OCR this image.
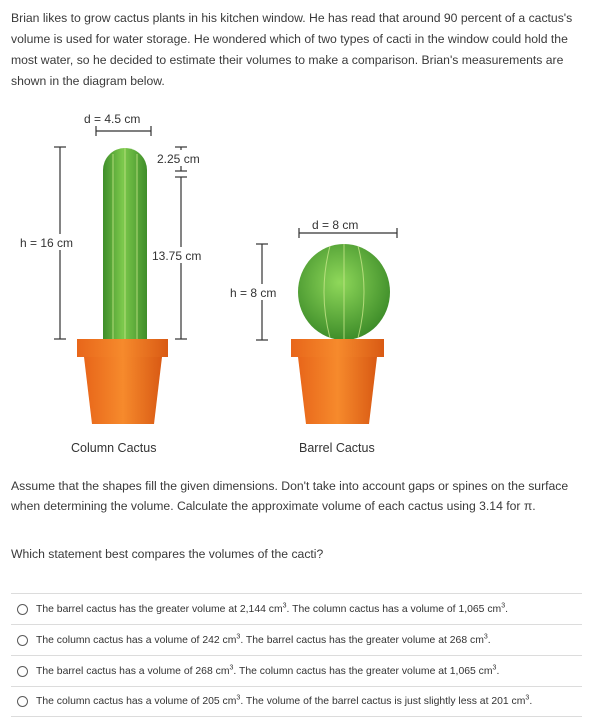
Brian likes to grow cactus plants in his kitchen window. He has read that around 90 percent of a cactus's volume is used for water storage. He wondered which of two types of cacti in the window could hold the most water, so he decided to estimate their volumes to make a comparison. Brian's measurements are shown in the diagram below.
d = 4.5 cm
h = 16 cm
2.25 cm
13.75 cm
Column Cactus
d = 8 cm
h = 8 cm
Barrel Cactus
Assume that the shapes fill the given dimensions. Don't take into account gaps or spines on the surface when determining the volume. Calculate the approximate volume of each cactus using 3.14 for π.
Which statement best compares the volumes of the cacti?
The barrel cactus has the greater volume at 2,144 $cm^3$. The column cactus has a volume of 1,065 $cm^3$.
The column cactus has a volume of 242 $cm^3$. The barrel cactus has the greater volume at 268 $cm^3$.
The barrel cactus has a volume of 268 $cm^3$. The column cactus has the greater volume at 1,065 $cm^3$.
The column cactus has a volume of 205 $cm^3$. The volume of the barrel cactus is just slightly less at 201 $cm^3$.
